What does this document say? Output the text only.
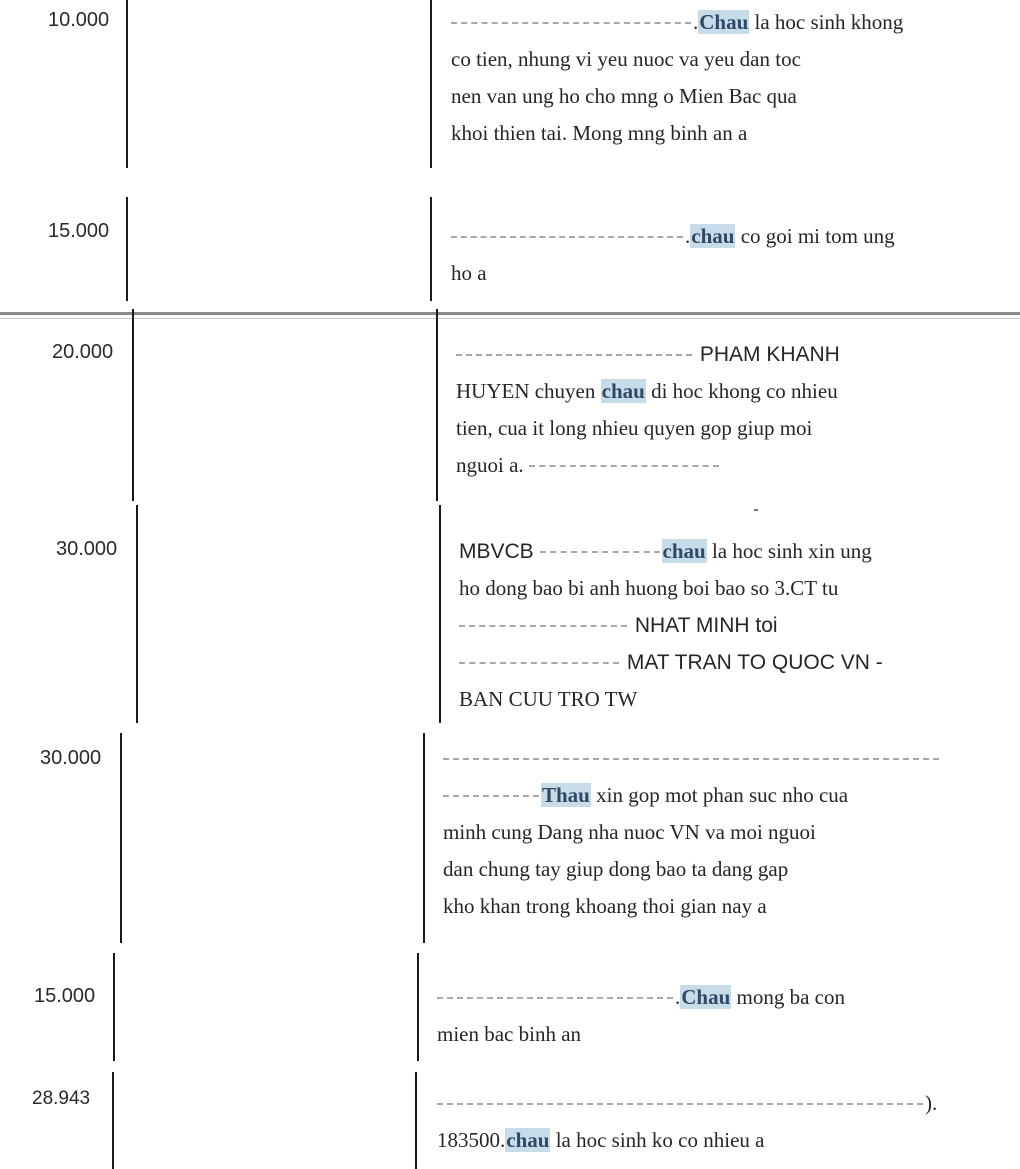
10.000	.Chau la hoc sinh khong
co tien, nhung vi yeu nuoc va yeu dan toc
nen van ung ho cho mng o Mien Bac qua
khoi thien tai. Mong mng binh an a
15.000	.chau co goi mi tom ung
ho a
20.000	PHAM KHANH
HUYEN chuyen chau di hoc khong co nhieu
tien, cua it long nhieu quyen gop giup moi
nguoi a.
30.000	MBVCB	chau la hoc sinh xin ung
ho dong bao bi anh huong boi bao so 3.CT tu
NHAT MINH toi
MAT TRAN TO QUOC VN -
BAN CUU TRO TW
30.000
Thau xin gop mot phan suc nho cua
minh cung Dang nha nuoc VN va moi nguoi
dan chung tay giup dong bao ta dang gap
kho khan trong khoang thoi gian nay a
15.000	.Chau mong ba con
mien bac binh an
28.943	).
183500.chau la hoc sinh ko co nhieu a
